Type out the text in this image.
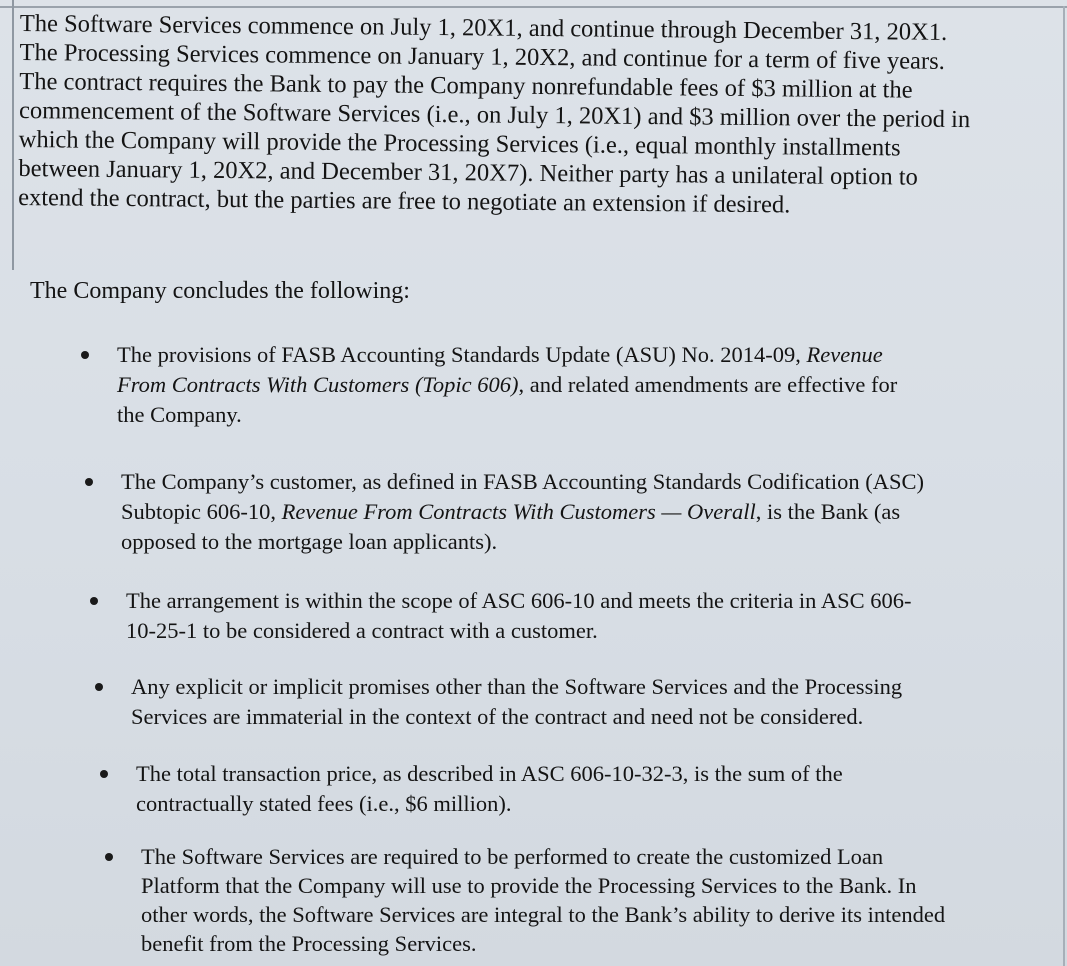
The Software Services commence on July 1, 20X1, and continue through December 31, 20X1.
The Processing Services commence on January 1, 20X2, and continue for a term of five years.
The contract requires the Bank to pay the Company nonrefundable fees of $3 million at the
commencement of the Software Services (i.e., on July 1, 20X1) and $3 million over the period in
which the Company will provide the Processing Services (i.e., equal monthly installments
between January 1, 20X2, and December 31, 20X7). Neither party has a unilateral option to
extend the contract, but the parties are free to negotiate an extension if desired.

The Company concludes the following:

The provisions of FASB Accounting Standards Update (ASU) No. 2014-09, Revenue
From Contracts With Customers (Topic 606), and related amendments are effective for
the Company.
The Company’s customer, as defined in FASB Accounting Standards Codification (ASC)
Subtopic 606-10, Revenue From Contracts With Customers — Overall, is the Bank (as
opposed to the mortgage loan applicants).
The arrangement is within the scope of ASC 606-10 and meets the criteria in ASC 606-
10-25-1 to be considered a contract with a customer.
Any explicit or implicit promises other than the Software Services and the Processing
Services are immaterial in the context of the contract and need not be considered.
The total transaction price, as described in ASC 606-10-32-3, is the sum of the
contractually stated fees (i.e., $6 million).
The Software Services are required to be performed to create the customized Loan
Platform that the Company will use to provide the Processing Services to the Bank. In
other words, the Software Services are integral to the Bank’s ability to derive its intended
benefit from the Processing Services.
